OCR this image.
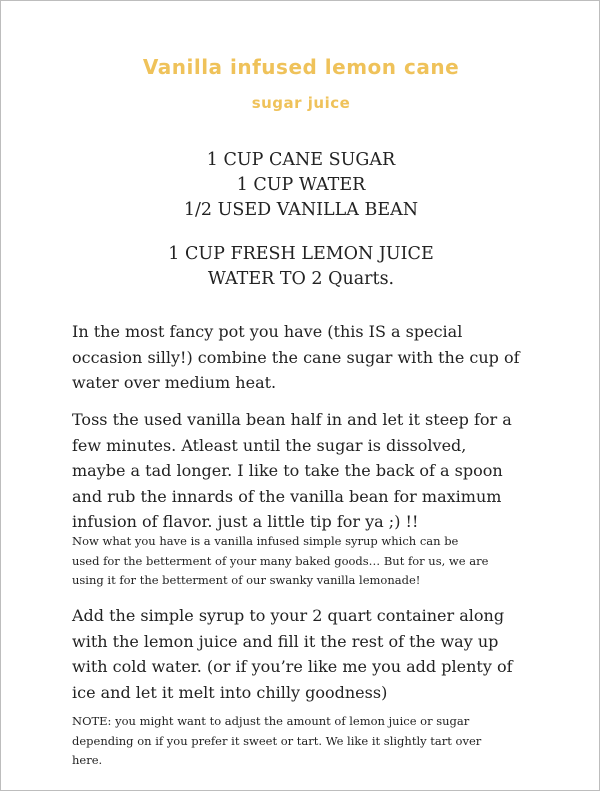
Vanilla infused lemon cane
sugar juice
1 CUP CANE SUGAR
1 CUP WATER
1/2 USED VANILLA BEAN
1 CUP FRESH LEMON JUICE
WATER TO 2 Quarts.
In the most fancy pot you have (this IS a special
occasion silly!) combine the cane sugar with the cup of
water over medium heat.
Toss the used vanilla bean half in and let it steep for a
few minutes. Atleast until the sugar is dissolved,
maybe a tad longer. I like to take the back of a spoon
and rub the innards of the vanilla bean for maximum
infusion of flavor. just a little tip for ya ;) !!
Now what you have is a vanilla infused simple syrup which can be
used for the betterment of your many baked goods… But for us, we are
using it for the betterment of our swanky vanilla lemonade!
Add the simple syrup to your 2 quart container along
with the lemon juice and fill it the rest of the way up
with cold water. (or if you’re like me you add plenty of
ice and let it melt into chilly goodness)
NOTE: you might want to adjust the amount of lemon juice or sugar
depending on if you prefer it sweet or tart. We like it slightly tart over
here.
